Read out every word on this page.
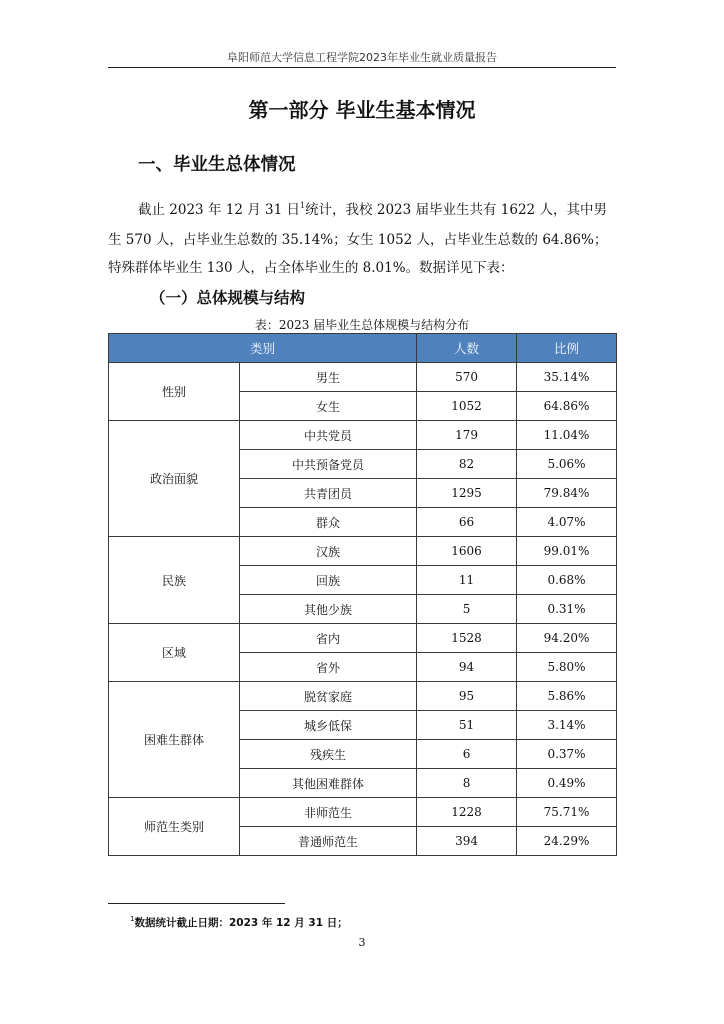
阜阳师范大学信息工程学院2023年毕业生就业质量报告
第一部分 毕业生基本情况
一、毕业生总体情况
截止 2023 年 12 月 31 日$^1$统计，我校 2023 届毕业生共有 1622 人，其中男
生 570 人，占毕业生总数的 35.14%；女生 1052 人，占毕业生总数的 64.86%；
特殊群体毕业生 130 人，占全体毕业生的 8.01%。数据详见下表：
（一）总体规模与结构
表：2023 届毕业生总体规模与结构分布
类别		人数	比例
性别	男生	570	35.14%
	女生	1052	64.86%
政治面貌	中共党员	179	11.04%
	中共预备党员	82	5.06%
	共青团员	1295	79.84%
	群众	66	4.07%
民族	汉族	1606	99.01%
	回族	11	0.68%
	其他少族	5	0.31%
区域	省内	1528	94.20%
	省外	94	5.80%
困难生群体	脱贫家庭	95	5.86%
	城乡低保	51	3.14%
	残疾生	6	0.37%
	其他困难群体	8	0.49%
师范生类别	非师范生	1228	75.71%
	普通师范生	394	24.29%
$^1$数据统计截止日期：2023 年 12 月 31 日；
3
